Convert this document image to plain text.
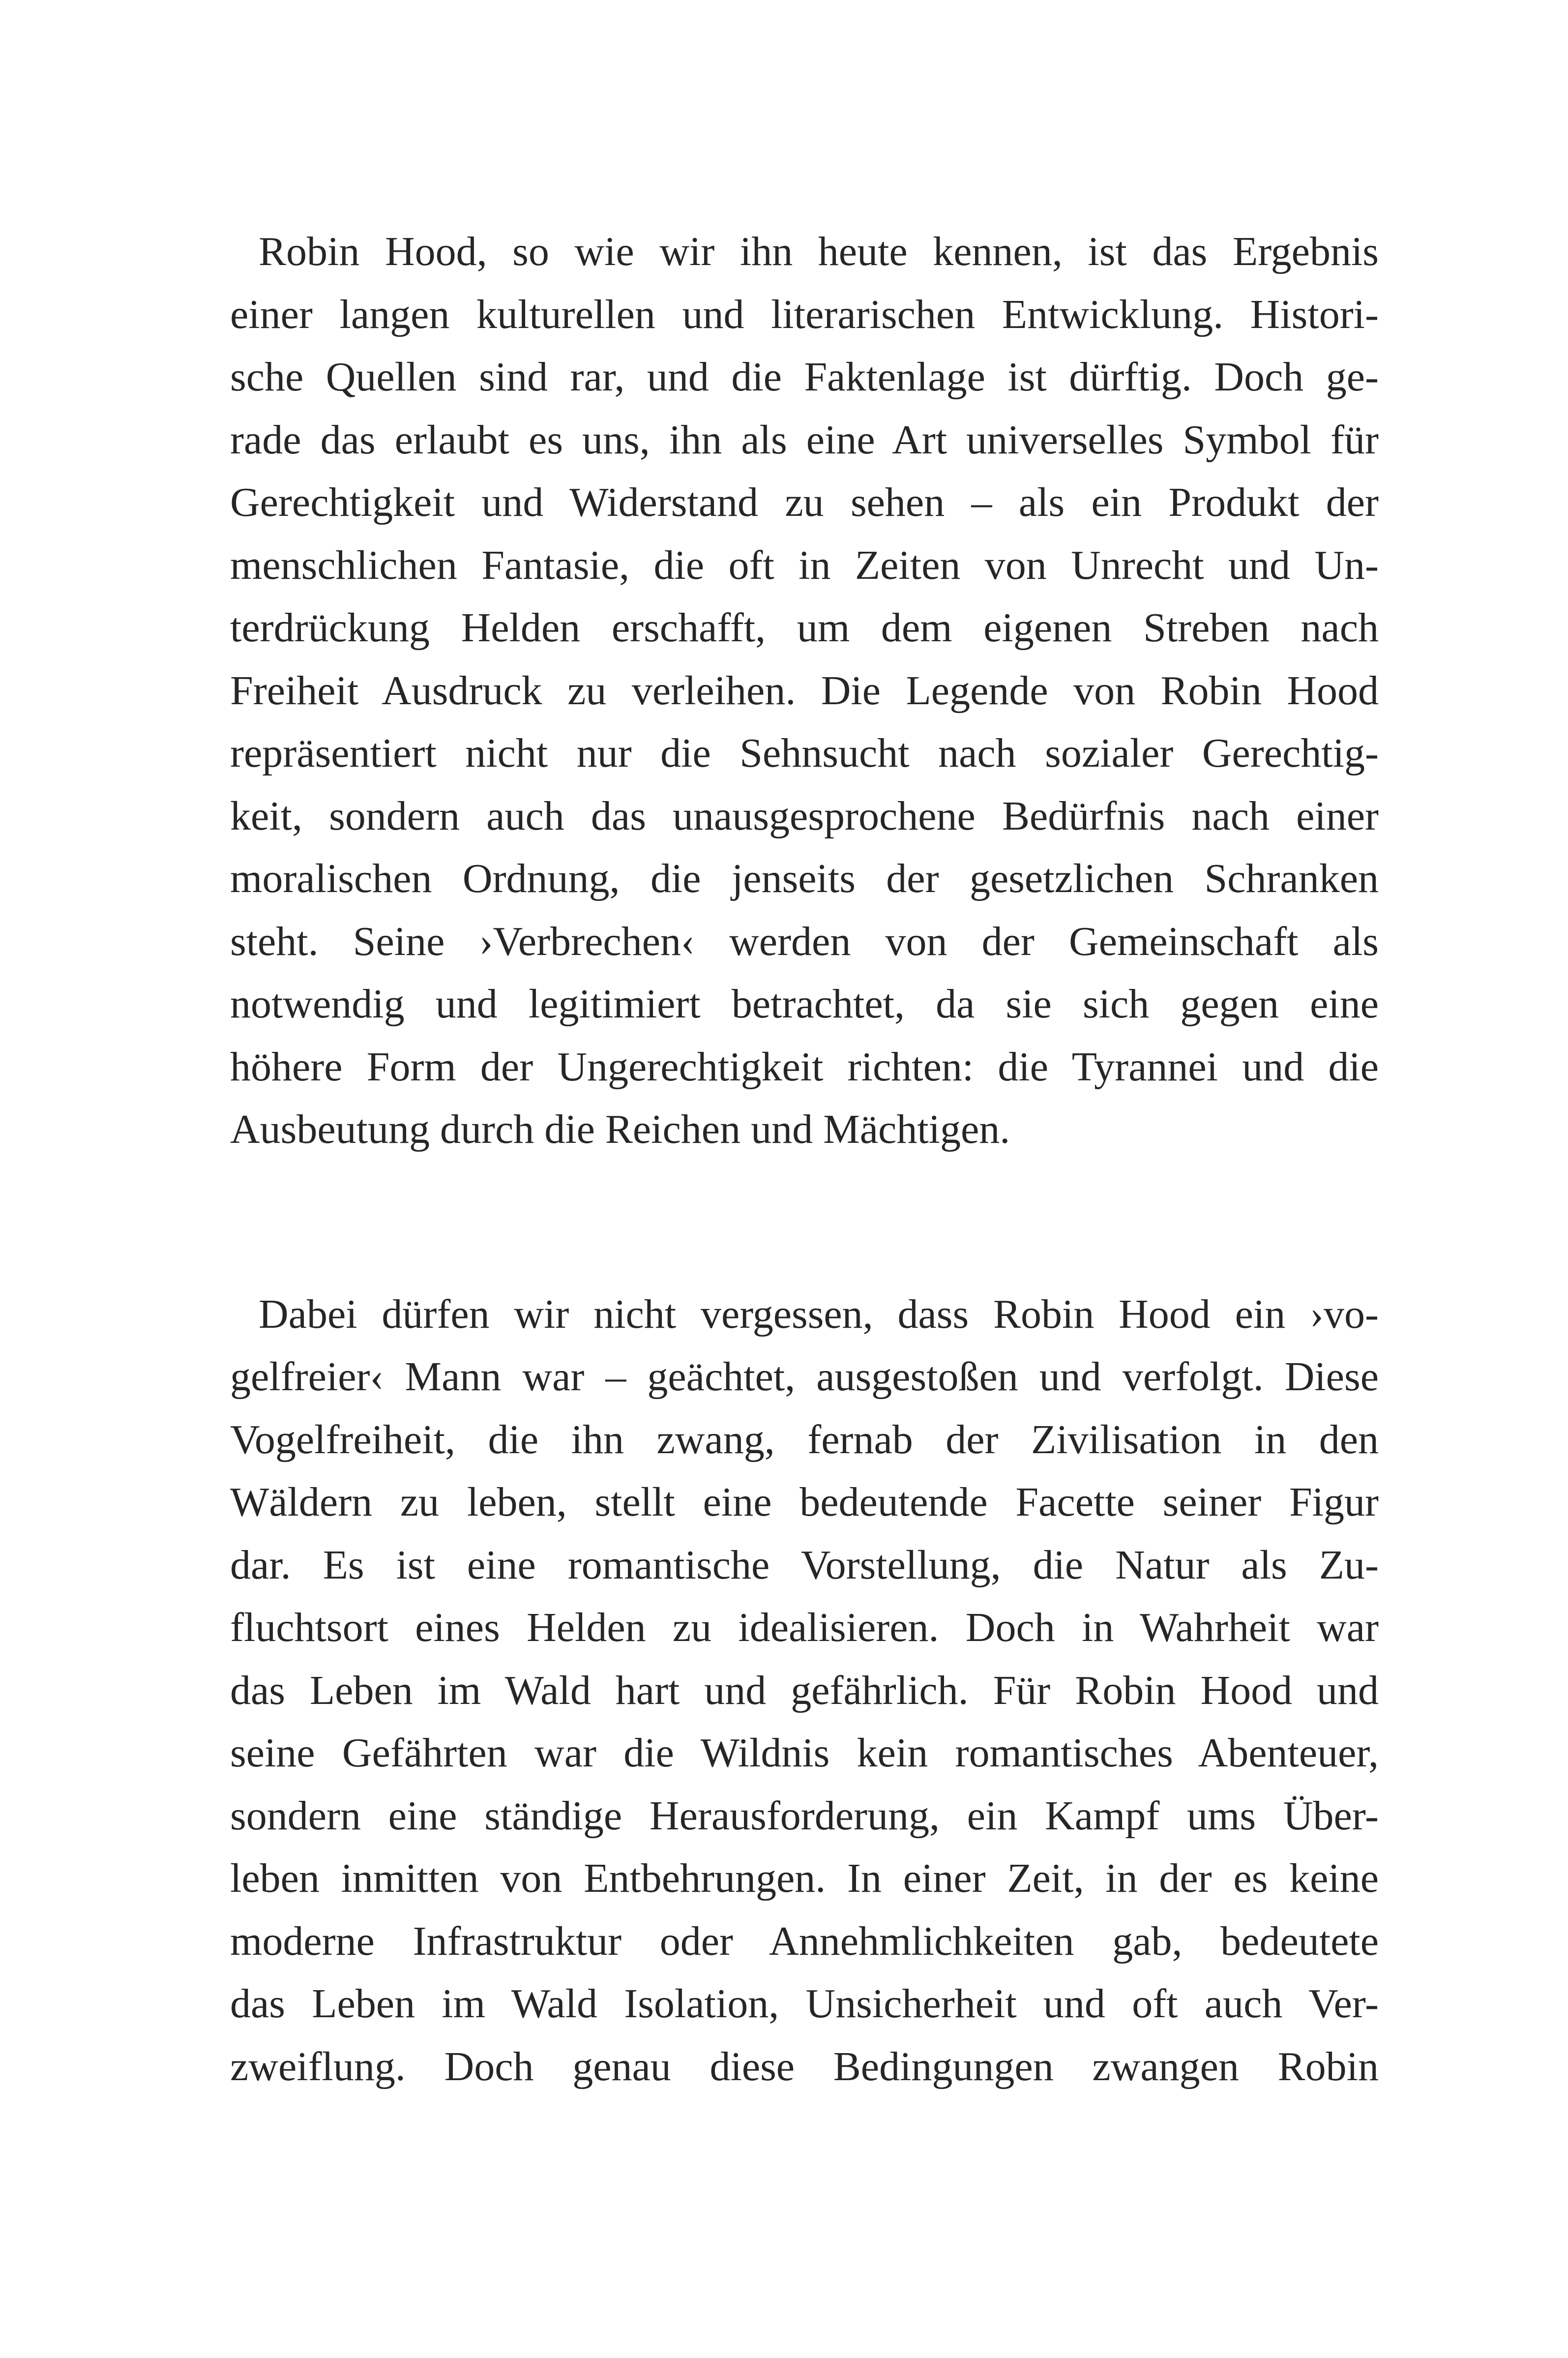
Robin Hood, so wie wir ihn heute kennen, ist das Ergebnis
einer langen kulturellen und literarischen Entwicklung. Histori-
sche Quellen sind rar, und die Faktenlage ist dürftig. Doch ge-
rade das erlaubt es uns, ihn als eine Art universelles Symbol für
Gerechtigkeit und Widerstand zu sehen – als ein Produkt der
menschlichen Fantasie, die oft in Zeiten von Unrecht und Un-
terdrückung Helden erschafft, um dem eigenen Streben nach
Freiheit Ausdruck zu verleihen. Die Legende von Robin Hood
repräsentiert nicht nur die Sehnsucht nach sozialer Gerechtig-
keit, sondern auch das unausgesprochene Bedürfnis nach einer
moralischen Ordnung, die jenseits der gesetzlichen Schranken
steht. Seine ›Verbrechen‹ werden von der Gemeinschaft als
notwendig und legitimiert betrachtet, da sie sich gegen eine
höhere Form der Ungerechtigkeit richten: die Tyrannei und die
Ausbeutung durch die Reichen und Mächtigen.
Dabei dürfen wir nicht vergessen, dass Robin Hood ein ›vo-
gelfreier‹ Mann war – geächtet, ausgestoßen und verfolgt. Diese
Vogelfreiheit, die ihn zwang, fernab der Zivilisation in den
Wäldern zu leben, stellt eine bedeutende Facette seiner Figur
dar. Es ist eine romantische Vorstellung, die Natur als Zu-
fluchtsort eines Helden zu idealisieren. Doch in Wahrheit war
das Leben im Wald hart und gefährlich. Für Robin Hood und
seine Gefährten war die Wildnis kein romantisches Abenteuer,
sondern eine ständige Herausforderung, ein Kampf ums Über-
leben inmitten von Entbehrungen. In einer Zeit, in der es keine
moderne Infrastruktur oder Annehmlichkeiten gab, bedeutete
das Leben im Wald Isolation, Unsicherheit und oft auch Ver-
zweiflung. Doch genau diese Bedingungen zwangen Robin
